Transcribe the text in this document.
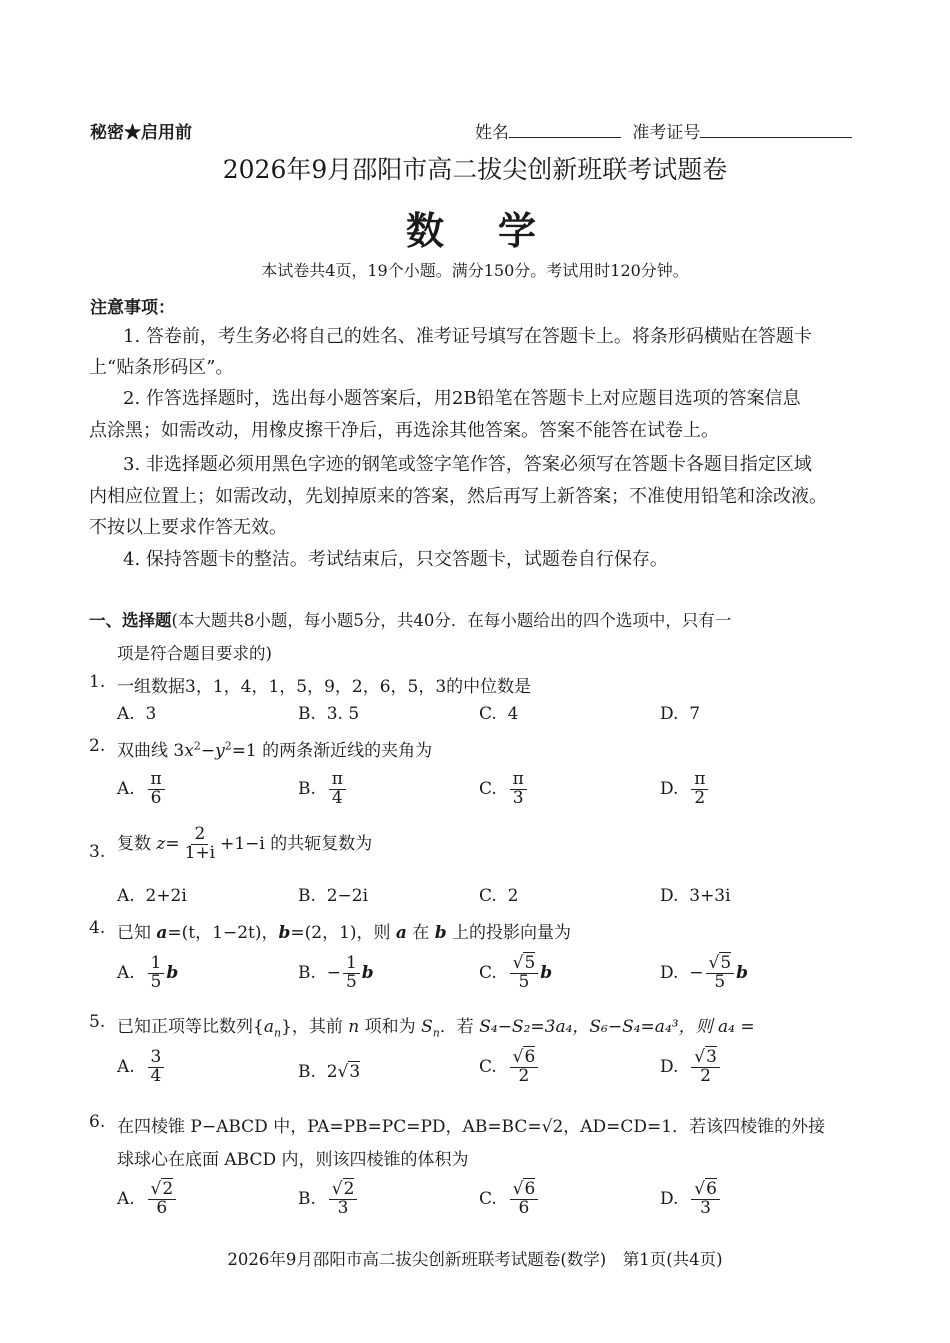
秘密★启用前	姓名	准考证号
2026年9月邵阳市高二拔尖创新班联考试题卷
数　学
本试卷共4页，19个小题。满分150分。考试用时120分钟。
注意事项：
1. 答卷前，考生务必将自己的姓名、准考证号填写在答题卡上。将条形码横贴在答题卡
上“贴条形码区”。
2. 作答选择题时，选出每小题答案后，用2B铅笔在答题卡上对应题目选项的答案信息
点涂黑；如需改动，用橡皮擦干净后，再选涂其他答案。答案不能答在试卷上。
3. 非选择题必须用黑色字迹的钢笔或签字笔作答，答案必须写在答题卡各题目指定区域
内相应位置上；如需改动，先划掉原来的答案，然后再写上新答案；不准使用铅笔和涂改液。
不按以上要求作答无效。
4. 保持答题卡的整洁。考试结束后，只交答题卡，试题卷自行保存。
一、选择题(本大题共8小题，每小题5分，共40分．在每小题给出的四个选项中，只有一
项是符合题目要求的)
1. 一组数据3，1，4，1，5，9，2，6，5，3的中位数是
A. 3	B. 3. 5	C. 4	D. 7
2. 双曲线 $3x^2-y^2=1$ 的两条渐近线的夹角为
A. $\frac{\pi}{6}$	B. $\frac{\pi}{4}$	C. $\frac{\pi}{3}$	D. $\frac{\pi}{2}$
3. 复数 $z= \frac{2}{1+i} +1-i$ 的共轭复数为
A. 2+2i	B. 2−2i	C. 2	D. 3+3i
4. 已知 a=(t，1−2t)，b=(2，1)，则 a 在 b 上的投影向量为
A. $\frac{1}{5}$ b	B. − $\frac{1}{5}$ b	C. $\frac{√5}{5}$ b	D. − $\frac{√5}{5}$ b
5. 已知正项等比数列$\{a_n\}$，其前 n 项和为 $S_n$．若 S₄−S₂=3a₄，S₆−S₄=a₄³，则 a₄ =
A. $\frac{3}{4}$	B. 2√3	C. $\frac{√6}{2}$	D. $\frac{√3}{2}$
6. 在四棱锥 P−ABCD 中，PA=PB=PC=PD，AB=BC=√2，AD=CD=1．若该四棱锥的外接
球球心在底面 ABCD 内，则该四棱锥的体积为
A. $\frac{√2}{6}$	B. $\frac{√2}{3}$	C. $\frac{√6}{6}$	D. $\frac{√6}{3}$
2026年9月邵阳市高二拔尖创新班联考试题卷(数学)　第1页(共4页)
